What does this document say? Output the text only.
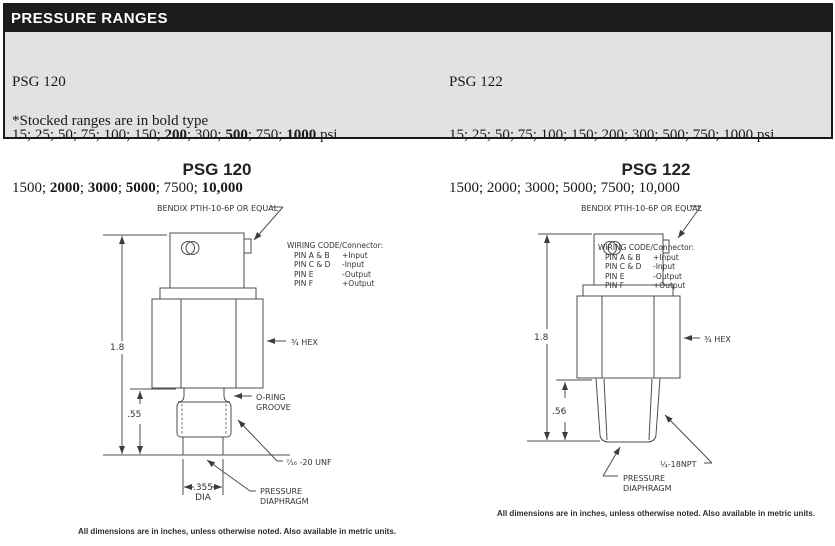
PRESSURE RANGES

PSG 120

15; 25; 50; 75; 100; 150; 200; 300; 500; 750; 1000 psi

1500; 2000; 3000; 5000; 7500; 10,000

PSG 122

15; 25; 50; 75; 100; 150; 200; 300; 500; 750; 1000 psi

1500; 2000; 3000; 5000; 7500; 10,000

*Stocked ranges are in bold type
PSG 120	PSG 122
1.8
.55
.355
DIA
BENDIX PTIH-10-6P OR EQUAL
¾ HEX
O-RING
GROOVE
⁷⁄₁₆ -20 UNF
PRESSURE
DIAPHRAGM
1.8
.56
BENDIX PTIH-10-6P OR EQUAL
¾ HEX
¼-18NPT
PRESSURE
DIAPHRAGM
WIRING CODE/Connector:
PIN A & B +Input
PIN C & D -Input
PIN E	-Output
PIN F	+Output
WIRING CODE/Connector:
PIN A & B +Input
PIN C & D -Input
PIN E	-Output
PIN F	+Output
All dimensions are in inches, unless otherwise noted. Also available in metric units.
All dimensions are in inches, unless otherwise noted. Also available in metric units.
